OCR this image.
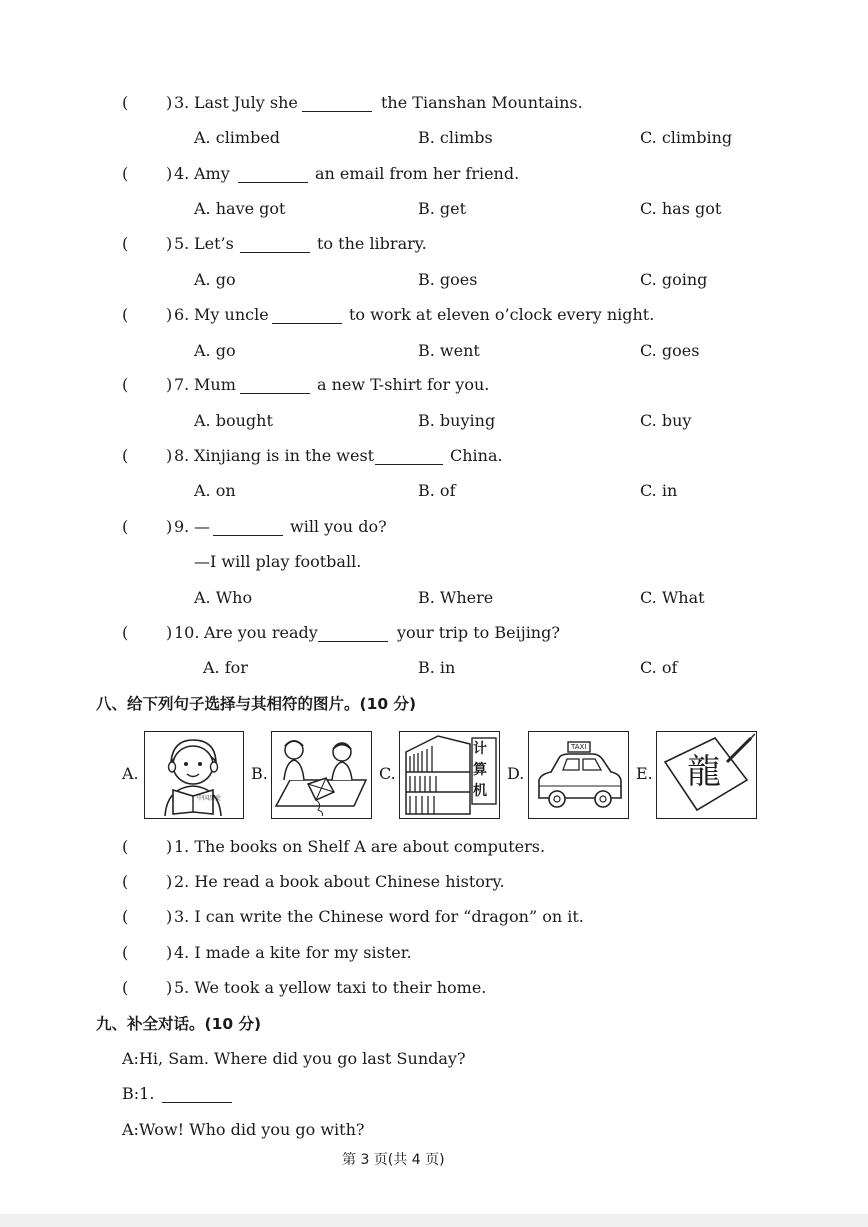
( ) 3. Last July she	the Tianshan Mountains.
A. climbed	B. climbs	C. climbing
( ) 4. Amy	an email from her friend.
A. have got	B. get	C. has got
( ) 5. Let’s	to the library.
A. go	B. goes	C. going
( ) 6. My uncle	to work at eleven o’clock every night.
A. go	B. went	C. goes
( ) 7. Mum	a new T-shirt for you.
A. bought	B. buying	C. buy
( ) 8. Xinjiang is in the west	China.
A. on	B. of	C. in
( ) 9. —	will you do?
—I will play football.
A. Who	B. Where	C. What
( ) 10. Are you ready	your trip to Beijing?
A. for	B. in	C. of
八、给下列句子选择与其相符的图片。(10 分)
A.
中国历史
B.	C.
计
算
机
D.
TAXI
E. 龍
( ) 1. The books on Shelf A are about computers.
( ) 2. He read a book about Chinese history.
( ) 3. I can write the Chinese word for “dragon” on it.
( ) 4. I made a kite for my sister.
( ) 5. We took a yellow taxi to their home.
九、补全对话。(10 分)
A:Hi, Sam. Where did you go last Sunday?
B:1.
A:Wow! Who did you go with?
第 3 页(共 4 页)
